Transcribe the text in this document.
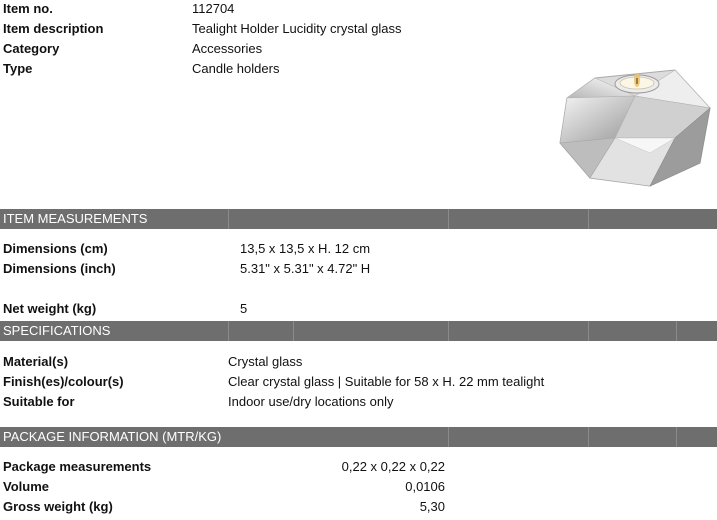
Item no.	112704
Item description	Tealight Holder Lucidity crystal glass
Category	Accessories
Type	Candle holders
ITEM MEASUREMENTS
Dimensions (cm)	13,5 x 13,5 x H. 12 cm
Dimensions (inch)	5.31" x 5.31" x 4.72" H
Net weight (kg)	5
SPECIFICATIONS
Material(s)	Crystal glass
Finish(es)/colour(s)	Clear crystal glass | Suitable for 58 x H. 22 mm tealight
Suitable for	Indoor use/dry locations only
PACKAGE INFORMATION (MTR/KG)
Package measurements	0,22 x 0,22 x 0,22
Volume	0,0106
Gross weight (kg)	5,30
